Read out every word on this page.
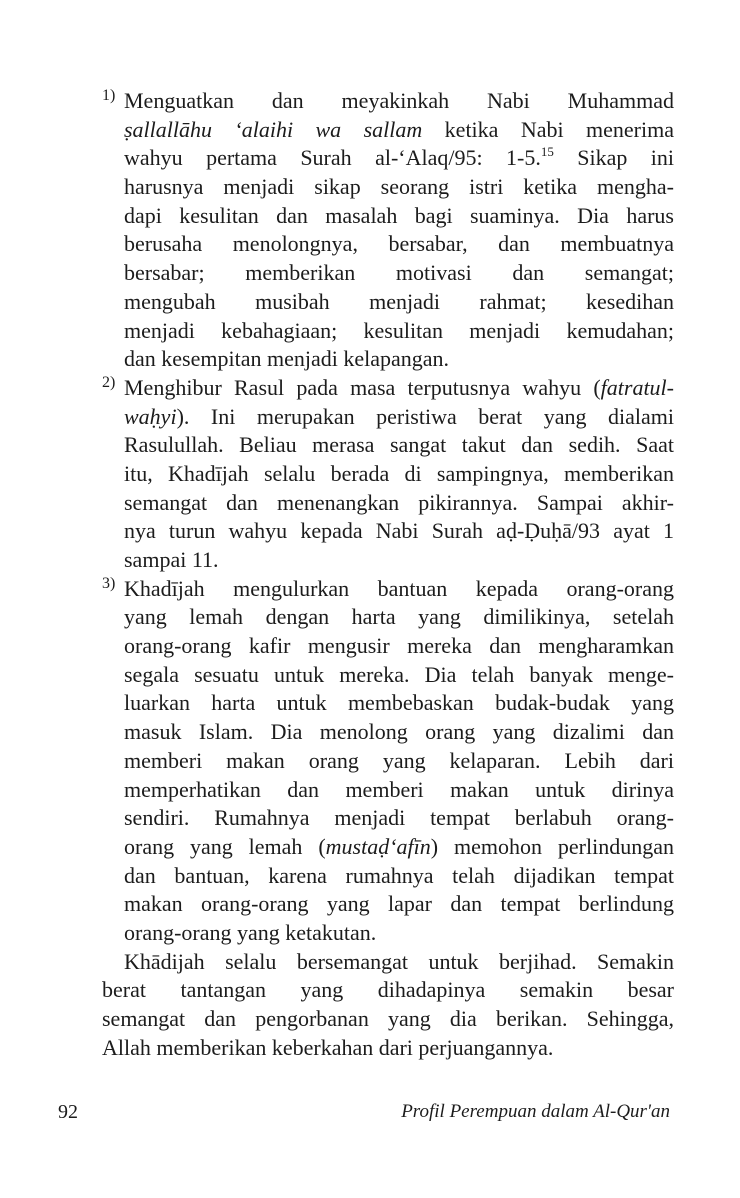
1) Menguatkan dan meyakinkah Nabi Muhammad
ṣallallāhu ‘alaihi wa sallam ketika Nabi menerima
wahyu pertama Surah al-‘Alaq/95: 1-5.15 Sikap ini
harusnya menjadi sikap seorang istri ketika mengha-
dapi kesulitan dan masalah bagi suaminya. Dia harus
berusaha menolongnya, bersabar, dan membuatnya
bersabar; memberikan motivasi dan semangat;
mengubah musibah menjadi rahmat; kesedihan
menjadi kebahagiaan; kesulitan menjadi kemudahan;
dan kesempitan menjadi kelapangan.
2) Menghibur Rasul pada masa terputusnya wahyu (fatratul-
waḥyi). Ini merupakan peristiwa berat yang dialami
Rasulullah. Beliau merasa sangat takut dan sedih. Saat
itu, Khadījah selalu berada di sampingnya, memberikan
semangat dan menenangkan pikirannya. Sampai akhir-
nya turun wahyu kepada Nabi Surah aḍ-Ḍuḥā/93 ayat 1
sampai 11.
3) Khadījah mengulurkan bantuan kepada orang-orang
yang lemah dengan harta yang dimilikinya, setelah
orang-orang kafir mengusir mereka dan mengharamkan
segala sesuatu untuk mereka. Dia telah banyak menge-
luarkan harta untuk membebaskan budak-budak yang
masuk Islam. Dia menolong orang yang dizalimi dan
memberi makan orang yang kelaparan. Lebih dari
memperhatikan dan memberi makan untuk dirinya
sendiri. Rumahnya menjadi tempat berlabuh orang-
orang yang lemah (mustaḍ‘afīn) memohon perlindungan
dan bantuan, karena rumahnya telah dijadikan tempat
makan orang-orang yang lapar dan tempat berlindung
orang-orang yang ketakutan.
Khādijah selalu bersemangat untuk berjihad. Semakin
berat tantangan yang dihadapinya semakin besar
semangat dan pengorbanan yang dia berikan. Sehingga,
Allah memberikan keberkahan dari perjuangannya.
92	Profil Perempuan dalam Al-Qur'an
